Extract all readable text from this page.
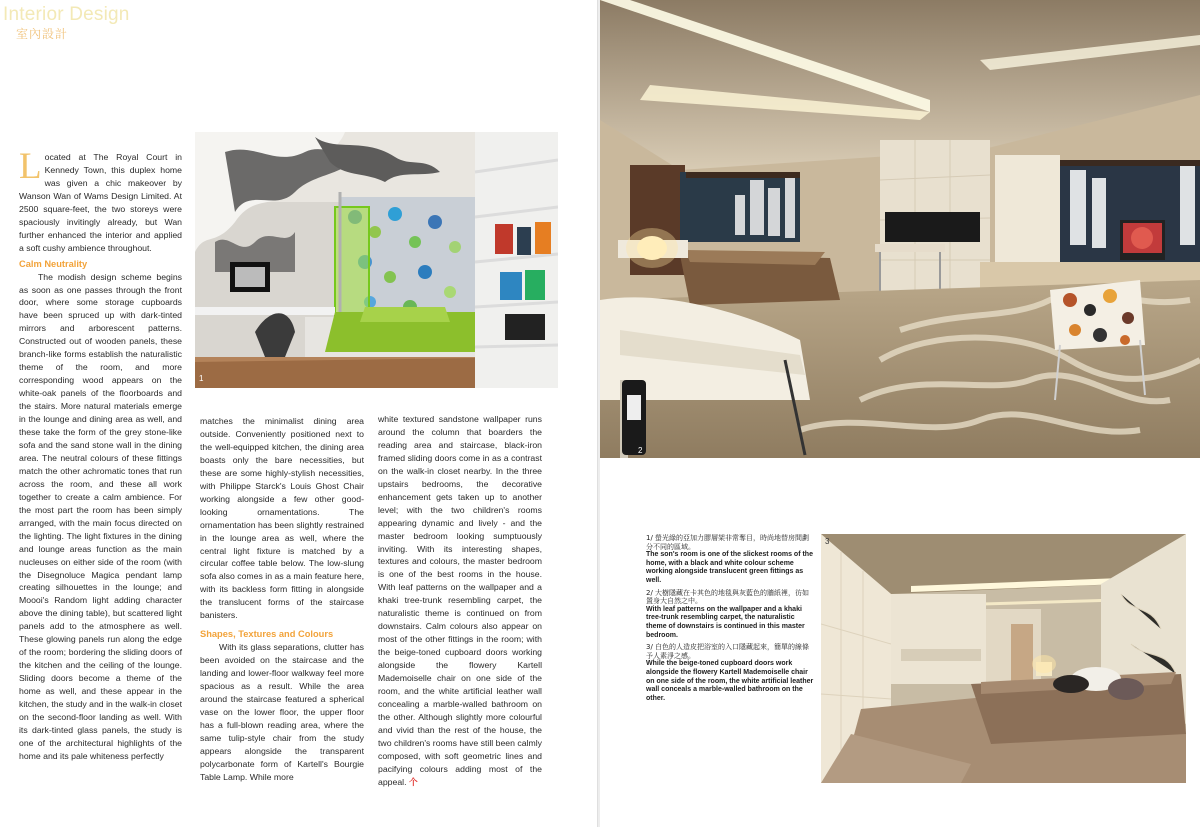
Interior Design
室內設計
1

Located at The Royal Court in Kennedy Town, this duplex home was given a chic makeover by Wanson Wan of Wams Design Limited. At 2500 square-feet, the two storeys were spaciously invitingly already, but Wan further enhanced the interior and applied a soft cushy ambience throughout.

Calm Neutrality

The modish design scheme begins as soon as one passes through the front door, where some storage cupboards have been spruced up with dark-tinted mirrors and arborescent patterns. Constructed out of wooden panels, these branch-like forms establish the naturalistic theme of the room, and more corresponding wood appears on the white-oak panels of the floorboards and the stairs. More natural materials emerge in the lounge and dining area as well, and these take the form of the grey stone-like sofa and the sand stone wall in the dining area. The neutral colours of these fittings match the other achromatic tones that run across the room, and these all work together to create a calm ambience. For the most part the room has been simply arranged, with the main focus directed on the lighting. The light fixtures in the dining and lounge areas function as the main nucleuses on either side of the room (with the Disegnoluce Magica pendant lamp creating silhouettes in the lounge; and Moooi's Random light adding character above the dining table), but scattered light panels add to the atmosphere as well. These glowing panels run along the edge of the room; bordering the sliding doors of the kitchen and the ceiling of the lounge. Sliding doors become a theme of the home as well, and these appear in the kitchen, the study and in the walk-in closet on the second-floor landing as well. With its dark-tinted glass panels, the study is one of the architectural highlights of the home and its pale whiteness perfectly

matches the minimalist dining area outside. Conveniently positioned next to the well-equipped kitchen, the dining area boasts only the bare necessities, but these are some highly-stylish necessities, with Philippe Starck's Louis Ghost Chair working alongside a few other good-looking ornamentations. The ornamentation has been slightly restrained in the lounge area as well, where the central light fixture is matched by a circular coffee table below. The low-slung sofa also comes in as a main feature here, with its backless form fitting in alongside the translucent forms of the staircase banisters.

Shapes, Textures and Colours

With its glass separations, clutter has been avoided on the staircase and the landing and lower-floor walkway feel more spacious as a result. While the area around the staircase featured a spherical vase on the lower floor, the upper floor has a full-blown reading area, where the same tulip-style chair from the study appears alongside the transparent polycarbonate form of Kartell's Bourgie Table Lamp. While more

white textured sandstone wallpaper runs around the column that boarders the reading area and staircase, black-iron framed sliding doors come in as a contrast on the walk-in closet nearby. In the three upstairs bedrooms, the decorative enhancement gets taken up to another level; with the two children's rooms appearing dynamic and lively - and the master bedroom looking sumptuously inviting. With its interesting shapes, textures and colours, the master bedroom is one of the best rooms in the house. With leaf patterns on the wallpaper and a khaki tree-trunk resembling carpet, the naturalistic theme is continued on from downstairs. Calm colours also appear on most of the other fittings in the room; with the beige-toned cupboard doors working alongside the flowery Kartell Mademoiselle chair on one side of the room, and the white artificial leather wall concealing a marble-walled bathroom on the other. Although slightly more colourful and vivid than the rest of the house, the two children's rooms have still been calmly composed, with soft geometric lines and pacifying colours adding most of the appeal. 个

2
3
1/ 螢光綠的亞加力膠層架非常奪目，時尚地替房間劃分不同的區域。
The son's room is one of the slickest rooms of the home, with a black and white colour scheme working alongside translucent green fittings as well.
2/ 大樹隱藏在卡其色的地毯與灰藍色的牆紙裡，彷如置身大自然之中。
With leaf patterns on the wallpaper and a khaki tree-trunk resembling carpet, the naturalistic theme of downstairs is continued in this master bedroom.
3/ 白色的人造皮把浴室的入口隱藏起來，簡單的線條予人素淨之感。
While the beige-toned cupboard doors work alongside the flowery Kartell Mademoiselle chair on one side of the room, the white artificial leather wall conceals a marble-walled bathroom on the other.
